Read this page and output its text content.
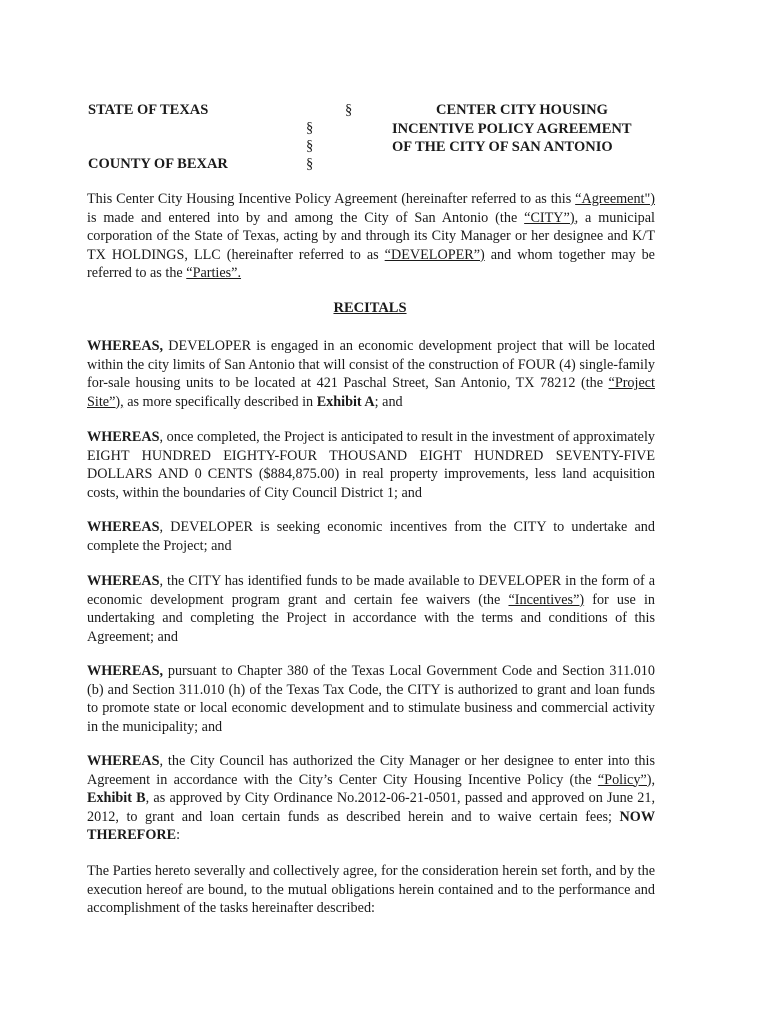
STATE OF TEXAS
COUNTY OF BEXAR
§
§
§
§
CENTER CITY HOUSING
INCENTIVE POLICY AGREEMENT
OF THE CITY OF SAN ANTONIO
This Center City Housing Incentive Policy Agreement (hereinafter referred to as this “Agreement") is made and entered into by and among the City of San Antonio (the “CITY”), a municipal corporation of the State of Texas, acting by and through its City Manager or her designee and K/T TX HOLDINGS, LLC (hereinafter referred to as “DEVELOPER”) and whom together may be referred to as the “Parties”.
RECITALS
WHEREAS, DEVELOPER is engaged in an economic development project that will be located within the city limits of San Antonio that will consist of the construction of FOUR (4) single-family for-sale housing units to be located at 421 Paschal Street, San Antonio, TX 78212 (the “Project Site”), as more specifically described in Exhibit A; and
WHEREAS, once completed, the Project is anticipated to result in the investment of approximately EIGHT HUNDRED EIGHTY-FOUR THOUSAND EIGHT HUNDRED SEVENTY-FIVE DOLLARS AND 0 CENTS ($884,875.00) in real property improvements, less land acquisition costs, within the boundaries of City Council District 1; and
WHEREAS, DEVELOPER is seeking economic incentives from the CITY to undertake and complete the Project; and
WHEREAS, the CITY has identified funds to be made available to DEVELOPER in the form of a economic development program grant and certain fee waivers (the “Incentives”) for use in undertaking and completing the Project in accordance with the terms and conditions of this Agreement; and
WHEREAS, pursuant to Chapter 380 of the Texas Local Government Code and Section 311.010 (b) and Section 311.010 (h) of the Texas Tax Code, the CITY is authorized to grant and loan funds to promote state or local economic development and to stimulate business and commercial activity in the municipality; and
WHEREAS, the City Council has authorized the City Manager or her designee to enter into this Agreement in accordance with the City’s Center City Housing Incentive Policy (the “Policy”), Exhibit B, as approved by City Ordinance No.2012-06-21-0501, passed and approved on June 21, 2012, to grant and loan certain funds as described herein and to waive certain fees; NOW THEREFORE:
The Parties hereto severally and collectively agree, for the consideration herein set forth, and by the execution hereof are bound, to the mutual obligations herein contained and to the performance and accomplishment of the tasks hereinafter described:
